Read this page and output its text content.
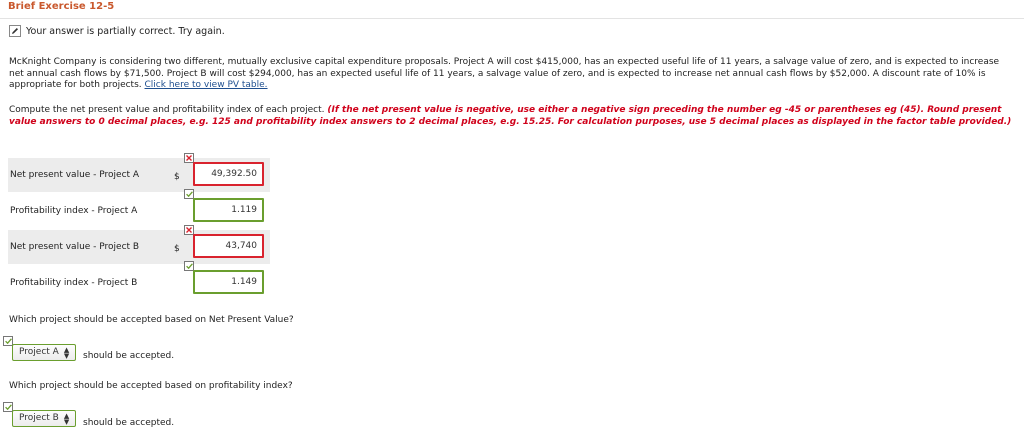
Brief Exercise 12-5
Your answer is partially correct. Try again.
McKnight Company is considering two different, mutually exclusive capital expenditure proposals. Project A will cost $415,000, has an expected useful life of 11 years, a salvage value of zero, and is expected to increase net annual cash flows by $71,500. Project B will cost $294,000, has an expected useful life of 11 years, a salvage value of zero, and is expected to increase net annual cash flows by $52,000. A discount rate of 10% is appropriate for both projects. Click here to view PV table.
Compute the net present value and profitability index of each project. (If the net present value is negative, use either a negative sign preceding the number eg -45 or parentheses eg (45). Round present value answers to 0 decimal places, e.g. 125 and profitability index answers to 2 decimal places, e.g. 15.25. For calculation purposes, use 5 decimal places as displayed in the factor table provided.)
Net present value - Project A	$	49,392.50
Profitability index - Project A	1.119
Net present value - Project B	$	43,740
Profitability index - Project B	1.149
Which project should be accepted based on Net Present Value?
Project A ▲
▼ should be accepted.
Which project should be accepted based on profitability index?
Project B ▲
▼ should be accepted.
